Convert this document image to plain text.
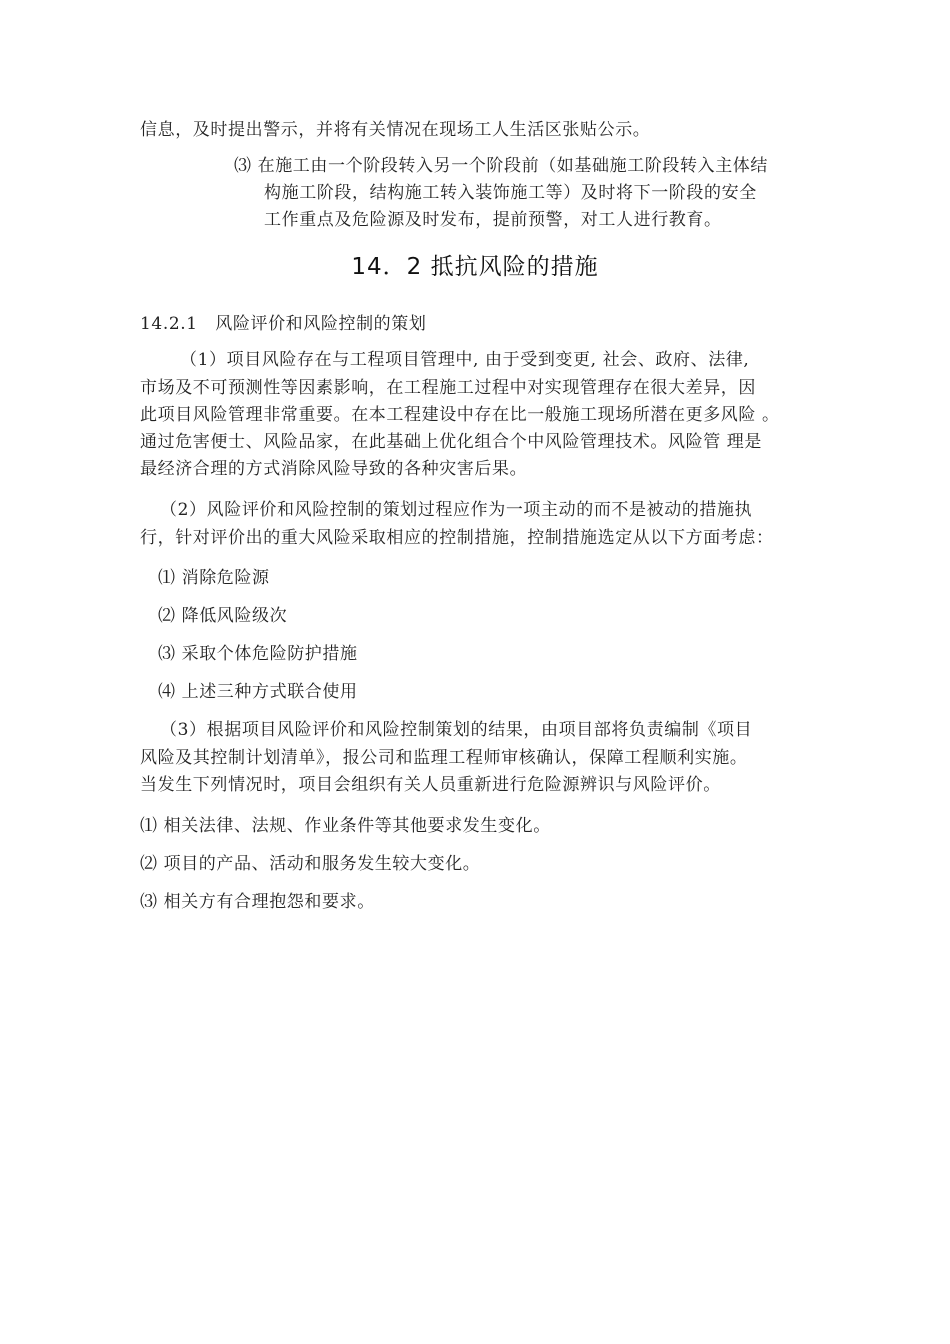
信息，及时提出警示，并将有关情况在现场工人生活区张贴公示。
⑶ 在施工由一个阶段转入另一个阶段前（如基础施工阶段转入主体结
构施工阶段，结构施工转入装饰施工等）及时将下一阶段的安全
工作重点及危险源及时发布，提前预警，对工人进行教育。
14．2 抵抗风险的措施
14.2.1　风险评价和风险控制的策划
（1）项目风险存在与工程项目管理中, 由于受到变更, 社会、政府、法律,
市场及不可预测性等因素影响，在工程施工过程中对实现管理存在很大差异，因
此项目风险管理非常重要。在本工程建设中存在比一般施工现场所潜在更多风险 。
通过危害便士、风险品家，在此基础上优化组合个中风险管理技术。风险管 理是
最经济合理的方式消除风险导致的各种灾害后果。
（2）风险评价和风险控制的策划过程应作为一项主动的而不是被动的措施执
行，针对评价出的重大风险采取相应的控制措施，控制措施选定从以下方面考虑：
⑴ 消除危险源
⑵ 降低风险级次
⑶ 采取个体危险防护措施
⑷ 上述三种方式联合使用
（3）根据项目风险评价和风险控制策划的结果，由项目部将负责编制《项目
风险及其控制计划清单》，报公司和监理工程师审核确认，保障工程顺利实施。
当发生下列情况时，项目会组织有关人员重新进行危险源辨识与风险评价。
⑴ 相关法律、法规、作业条件等其他要求发生变化。
⑵ 项目的产品、活动和服务发生较大变化。
⑶ 相关方有合理抱怨和要求。
